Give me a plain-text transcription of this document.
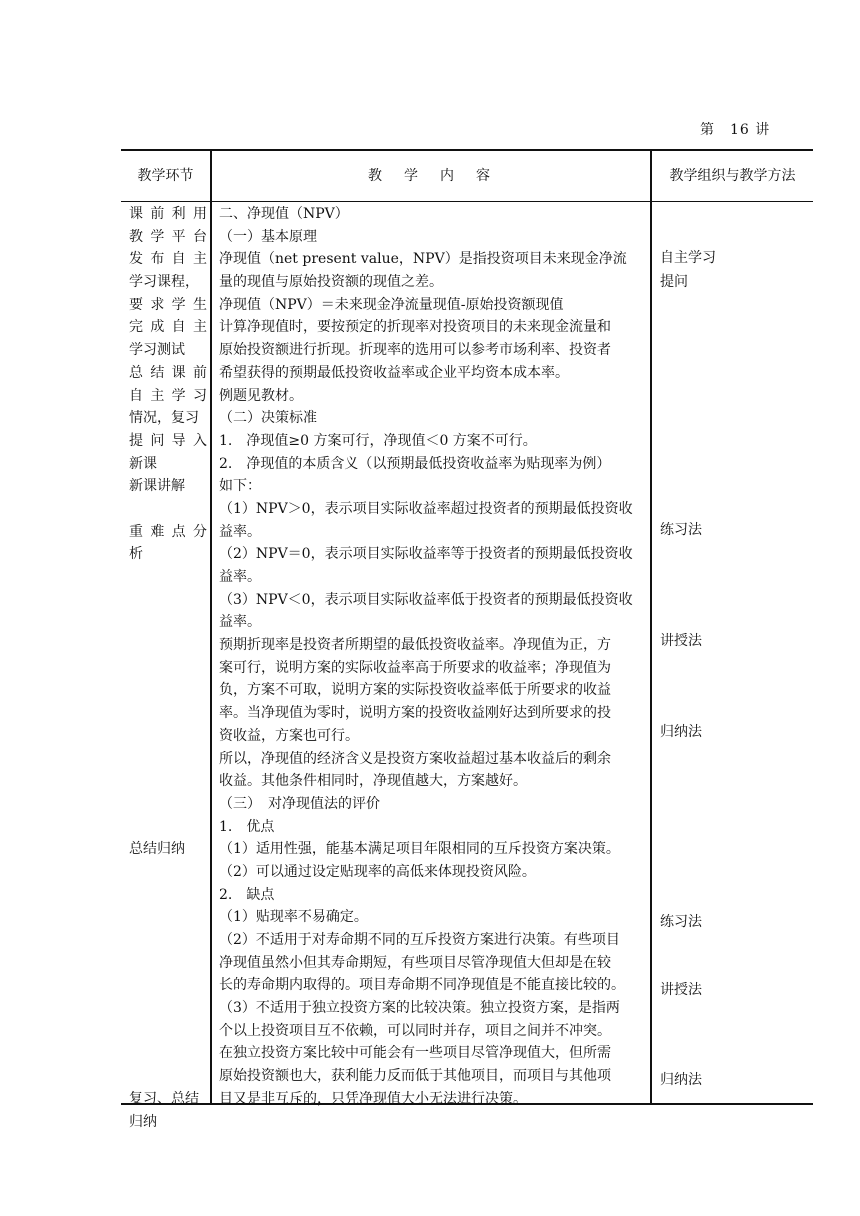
第　16 讲
教学环节	教　学　内　容	教学组织与教学方法
课前利用
教学平台
发布自主
学习课程，
要求学生
完成自主
学习测试
总结课前
自主学习
情况，复习
提问导入
新课
新课讲解
重难点分
析
总结归纳
复习、总结
归纳
二、净现值（NPV）
（一）基本原理
净现值（net present value，NPV）是指投资项目未来现金净流
量的现值与原始投资额的现值之差。
净现值（NPV）＝未来现金净流量现值-原始投资额现值
计算净现值时，要按预定的折现率对投资项目的未来现金流量和
原始投资额进行折现。折现率的选用可以参考市场利率、投资者
希望获得的预期最低投资收益率或企业平均资本成本率。
例题见教材。
（二）决策标准
1.　净现值≥0 方案可行，净现值＜0 方案不可行。
2.　净现值的本质含义（以预期最低投资收益率为贴现率为例）
如下：
（1）NPV＞0，表示项目实际收益率超过投资者的预期最低投资收
益率。
（2）NPV＝0，表示项目实际收益率等于投资者的预期最低投资收
益率。
（3）NPV＜0，表示项目实际收益率低于投资者的预期最低投资收
益率。
预期折现率是投资者所期望的最低投资收益率。净现值为正，方
案可行，说明方案的实际收益率高于所要求的收益率；净现值为
负，方案不可取，说明方案的实际投资收益率低于所要求的收益
率。当净现值为零时，说明方案的投资收益刚好达到所要求的投
资收益，方案也可行。
所以，净现值的经济含义是投资方案收益超过基本收益后的剩余
收益。其他条件相同时，净现值越大，方案越好。
（三）　对净现值法的评价
1.　优点
（1）适用性强，能基本满足项目年限相同的互斥投资方案决策。
（2）可以通过设定贴现率的高低来体现投资风险。
2.　缺点
（1）贴现率不易确定。
（2）不适用于对寿命期不同的互斥投资方案进行决策。有些项目
净现值虽然小但其寿命期短，有些项目尽管净现值大但却是在较
长的寿命期内取得的。项目寿命期不同净现值是不能直接比较的。
（3）不适用于独立投资方案的比较决策。独立投资方案，是指两
个以上投资项目互不依赖，可以同时并存，项目之间并不冲突。
在独立投资方案比较中可能会有一些项目尽管净现值大，但所需
原始投资额也大，获利能力反而低于其他项目，而项目与其他项
目又是非互斥的，只凭净现值大小无法进行决策。
自主学习
提问
练习法
讲授法
归纳法
练习法
讲授法
归纳法
